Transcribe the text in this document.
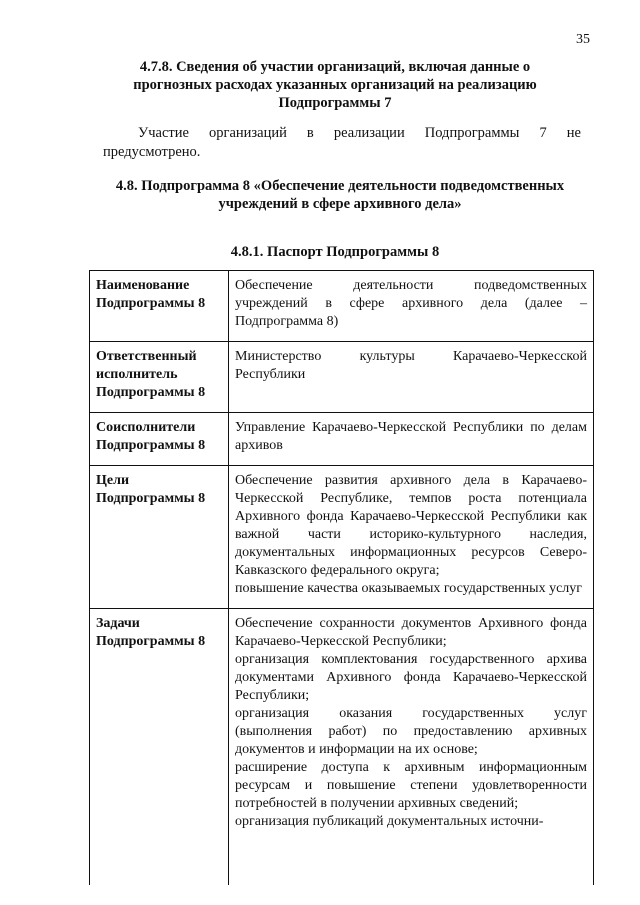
35
4.7.8. Сведения об участии организаций, включая данные о прогнозных расходах указанных организаций на реализацию Подпрограммы 7
Участие организаций в реализации Подпрограммы 7 не предусмотрено.
4.8. Подпрограмма 8 «Обеспечение деятельности подведомственных учреждений в сфере архивного дела»
4.8.1. Паспорт Подпрограммы 8
Наименование Подпрограммы 8	Обеспечение деятельности подведомственных учреждений в сфере архивного дела (далее – Подпрограмма 8)
Ответственный исполнитель Подпрограммы 8	Министерство культуры Карачаево-Черкесской Республики
Соисполнители Подпрограммы 8	Управление Карачаево-Черкесской Республики по делам архивов
Цели Подпрограммы 8	Обеспечение развития архивного дела в Карачаево-Черкесской Республике, темпов роста потенциала Архивного фонда Карачаево-Черкесской Республики как важной части историко-культурного наследия, документальных информационных ресурсов Северо-Кавказского федерального округа;
повышение качества оказываемых государственных услуг

Задачи Подпрограммы 8	Обеспечение сохранности документов Архивного фонда Карачаево-Черкесской Республики;
организация комплектования государственного архива документами Архивного фонда Карачаево-Черкесской Республики;
организация оказания государственных услуг (выполнения работ) по предоставлению архивных документов и информации на их основе;
расширение доступа к архивным информационным ресурсам и повышение степени удовлетворенности потребностей в получении архивных сведений;
организация публикаций документальных источни-
